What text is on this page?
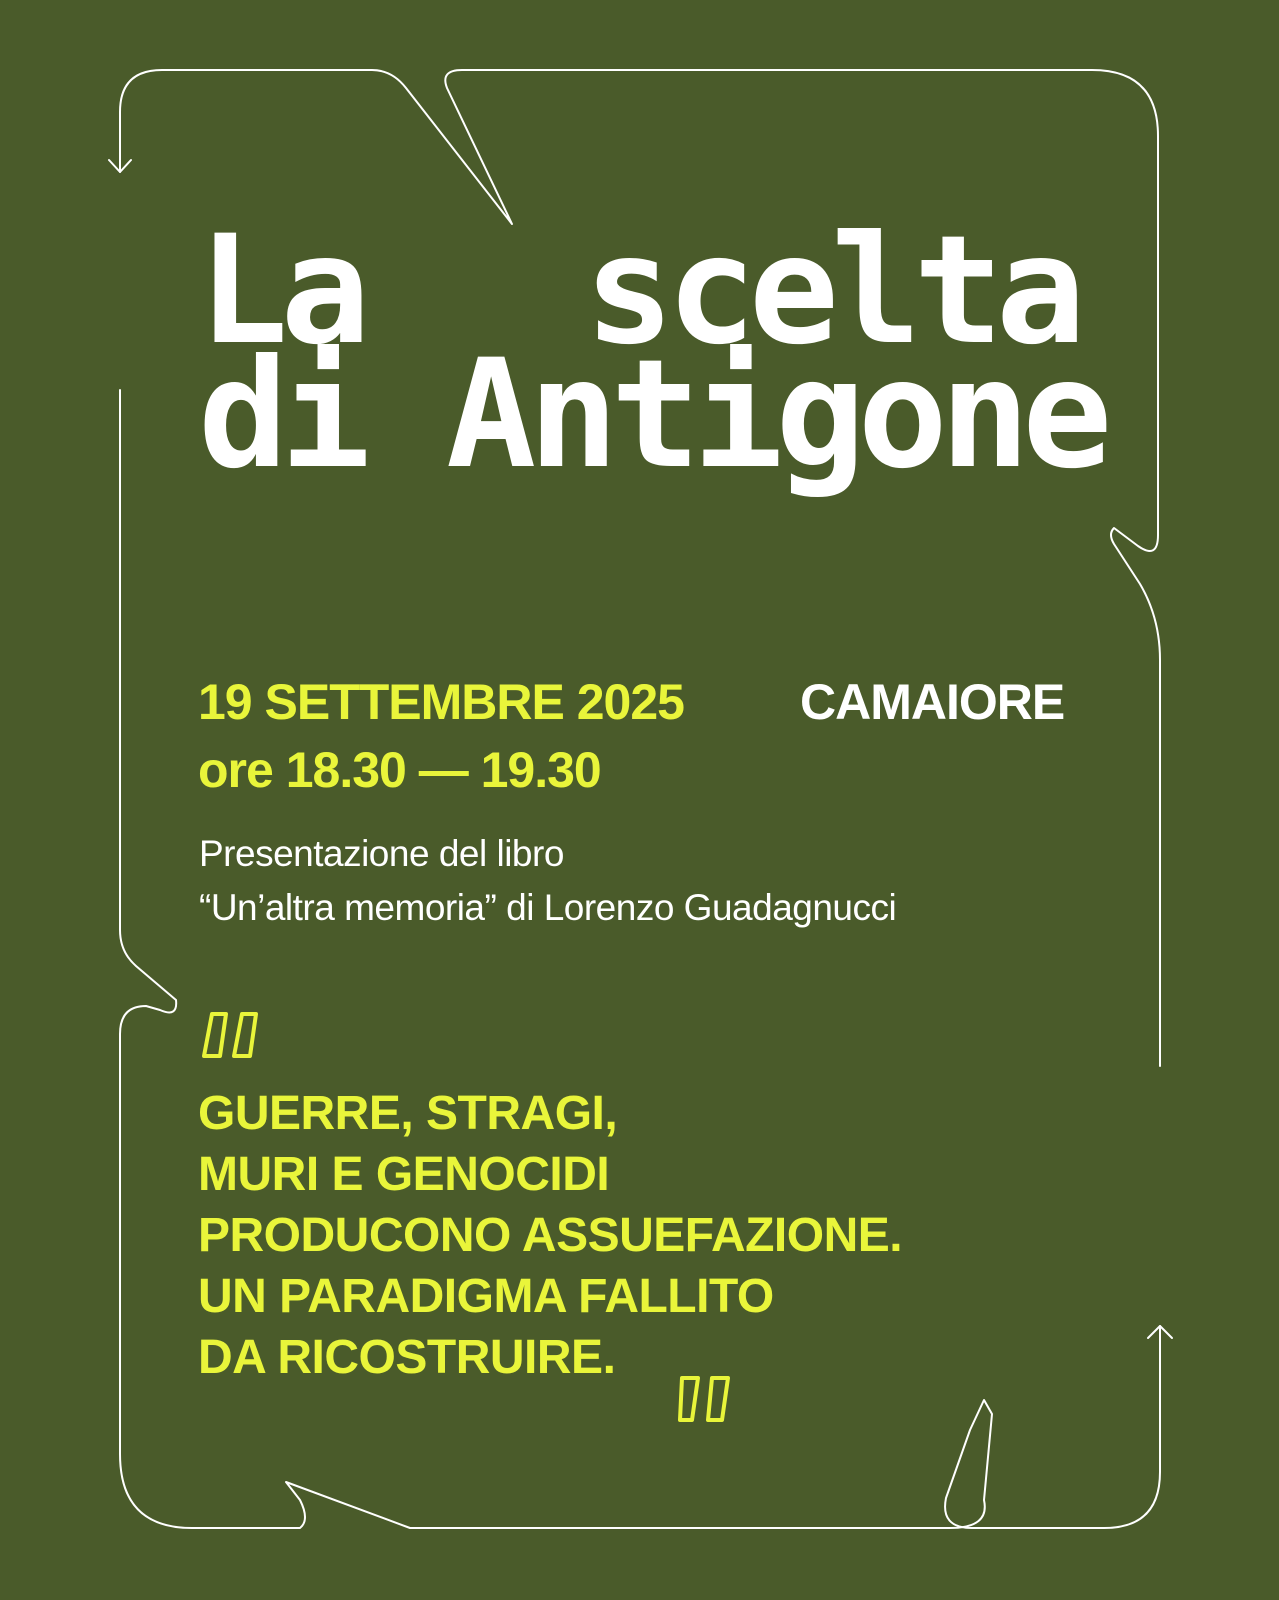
La scelta
di Antigone
19 SETTEMBRE 2025 CAMAIORE
ore 18.30 — 19.30
Presentazione del libro
“Un’altra memoria” di Lorenzo Guadagnucci
GUERRE, STRAGI,
MURI E GENOCIDI
PRODUCONO ASSUEFAZIONE.
UN PARADIGMA FALLITO
DA RICOSTRUIRE.
